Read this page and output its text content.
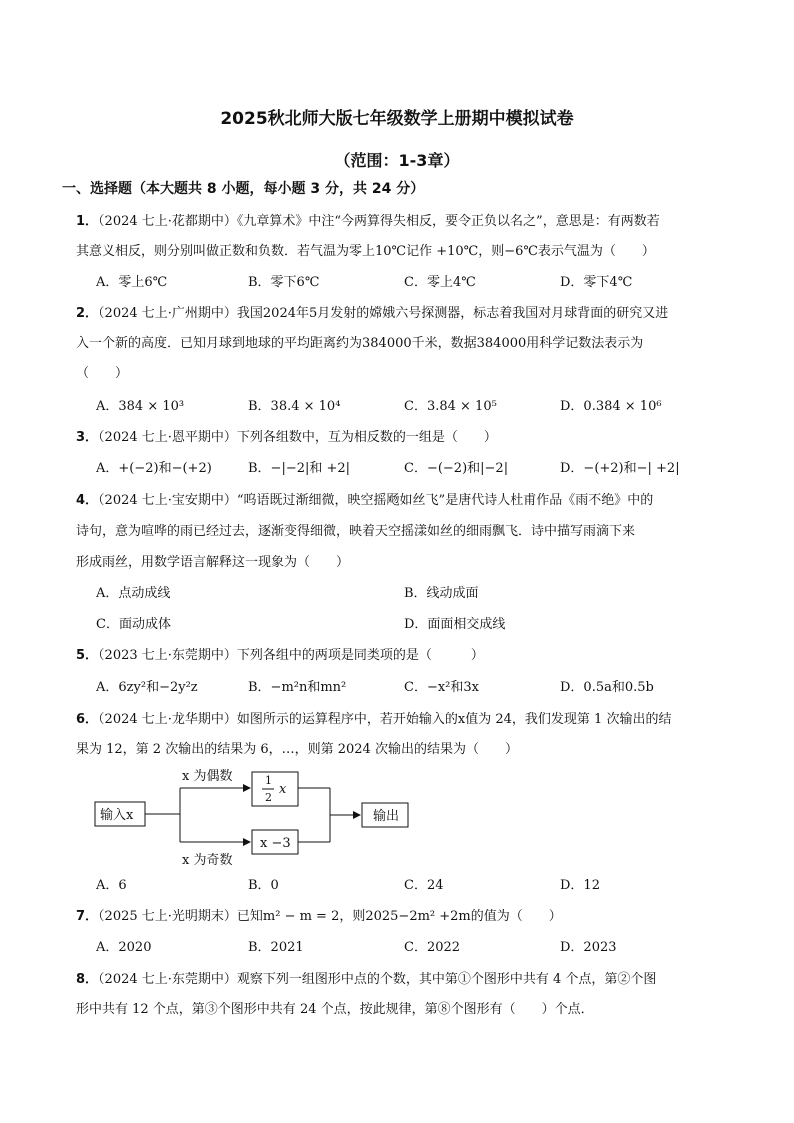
2025秋北师大版七年级数学上册期中模拟试卷
（范围：1-3章）
一、选择题（本大题共 8 小题，每小题 3 分，共 24 分）
1．（2024 七上·花都期中）《九章算术》中注“今两算得失相反，要令正负以名之”，意思是：有两数若
其意义相反，则分别叫做正数和负数．若气温为零上10℃记作 +10℃，则−6℃表示气温为（　　）
A．零上6℃	B．零下6℃	C．零上4℃	D．零下4℃
2．（2024 七上·广州期中）我国2024年5月发射的嫦娥六号探测器，标志着我国对月球背面的研究又进
入一个新的高度．已知月球到地球的平均距离约为384000千米，数据384000用科学记数法表示为
（　　）
A．384 × 10³	B．38.4 × 10⁴	C．3.84 × 10⁵	D．0.384 × 10⁶
3．（2024 七上·恩平期中）下列各组数中，互为相反数的一组是（　　）
A．+(−2)和−(+2)	B．−|−2|和 +2|	C．−(−2)和|−2|	D．−(+2)和−| +2|
4．（2024 七上·宝安期中）“呜语既过渐细微，映空摇飏如丝飞”是唐代诗人杜甫作品《雨不绝》中的
诗句，意为喧哗的雨已经过去，逐渐变得细微，映着天空摇漾如丝的细雨飘飞．诗中描写雨滴下来
形成雨丝，用数学语言解释这一现象为（　　）
A．点动成线	B．线动成面
C．面动成体	D．面面相交成线
5．（2023 七上·东莞期中）下列各组中的两项是同类项的是（　　　）
A．6zy²和−2y²z	B．−m²n和mn²	C．−x²和3x	D．0.5a和0.5b
6．（2024 七上·龙华期中）如图所示的运算程序中，若开始输入的x值为 24，我们发现第 1 次输出的结
果为 12，第 2 次输出的结果为 6，…，则第 2024 次输出的结果为（　　）
输入x
x 为偶数
x 为奇数
1
2
x
x −3
输出
A．6	B．0	C．24	D．12
7．（2025 七上·光明期末）已知m² − m = 2，则2025−2m² +2m的值为（　　）
A．2020	B．2021	C．2022	D．2023
8．（2024 七上·东莞期中）观察下列一组图形中点的个数，其中第①个图形中共有 4 个点，第②个图
形中共有 12 个点，第③个图形中共有 24 个点，按此规律，第⑧个图形有（　　）个点．
